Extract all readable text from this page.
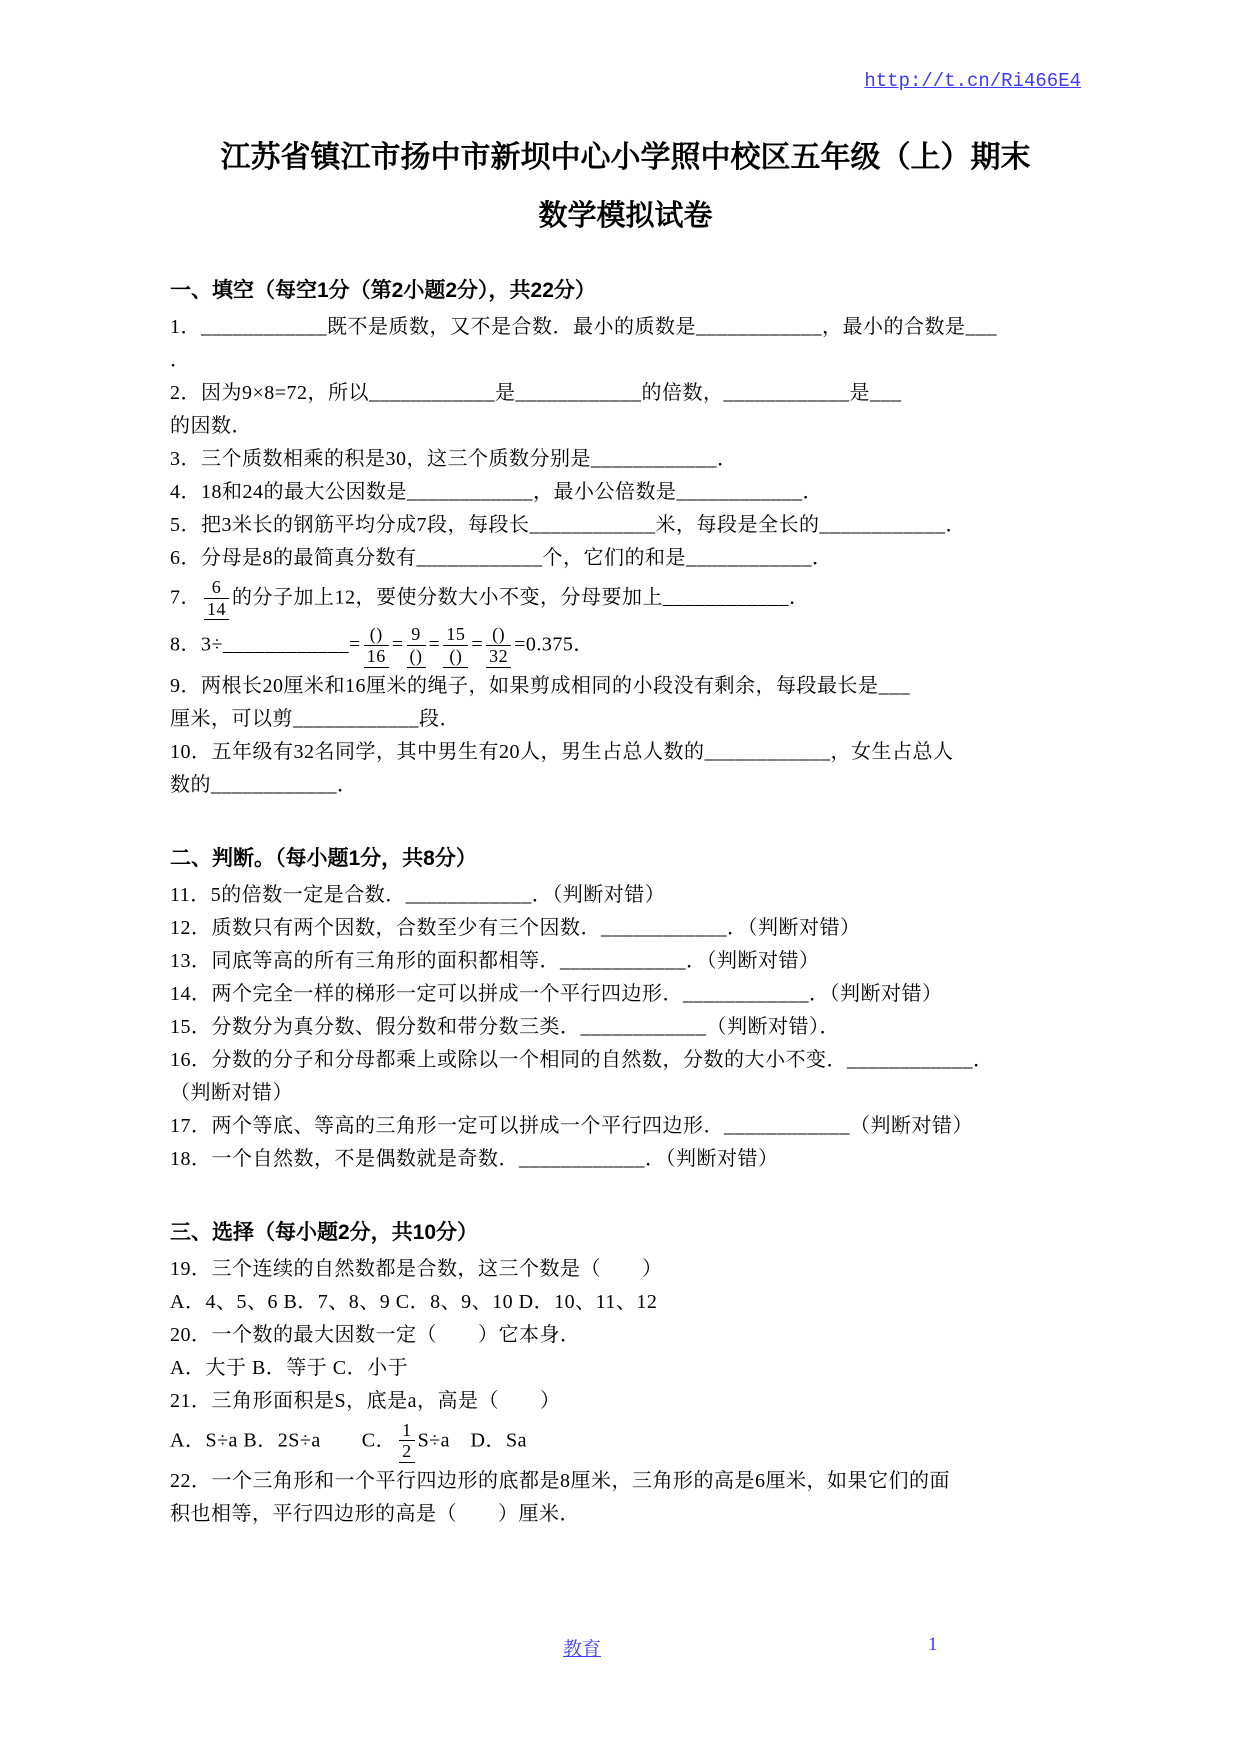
http://t.cn/Ri466E4
江苏省镇江市扬中市新坝中心小学照中校区五年级（上）期末
数学模拟试卷
一、填空（每空1分（第2小题2分），共22分）
1．____________既不是质数，又不是合数．最小的质数是____________，最小的合数是___
．
2．因为9×8=72，所以____________是____________的倍数，____________是___
的因数．
3．三个质数相乘的积是30，这三个质数分别是____________．
4．18和24的最大公因数是____________，最小公倍数是____________．
5．把3米长的钢筋平均分成7段，每段长____________米，每段是全长的____________．
6．分母是8的最简真分数有____________个，它们的和是____________．
7． $\frac{6}{14}$ 的分子加上12，要使分数大小不变，分母要加上____________．
8．3÷____________= $\frac{()}{16} = \frac{9}{()} = \frac{15}{()} = \frac{()}{32} =0.375$．
9．两根长20厘米和16厘米的绳子，如果剪成相同的小段没有剩余，每段最长是___
厘米，可以剪____________段．
10．五年级有32名同学，其中男生有20人，男生占总人数的____________，女生占总人
数的____________．
二、判断。（每小题1分，共8分）
11．5的倍数一定是合数．____________．（判断对错）
12．质数只有两个因数，合数至少有三个因数．____________．（判断对错）
13．同底等高的所有三角形的面积都相等．____________．（判断对错）
14．两个完全一样的梯形一定可以拼成一个平行四边形．____________．（判断对错）
15．分数分为真分数、假分数和带分数三类．____________（判断对错）．
16．分数的分子和分母都乘上或除以一个相同的自然数，分数的大小不变．____________．
（判断对错）
17．两个等底、等高的三角形一定可以拼成一个平行四边形．____________（判断对错）
18．一个自然数，不是偶数就是奇数．____________．（判断对错）
三、选择（每小题2分，共10分）
19．三个连续的自然数都是合数，这三个数是（　　）
A．4、5、6 B．7、8、9 C．8、9、10 D．10、11、12
20．一个数的最大因数一定（　　）它本身．
A．大于 B．等于 C．小于
21．三角形面积是S，底是a，高是（　　）
A．S÷a B．2S÷a　　C． $\frac{1}{2} S\div a$　D．Sa
22．一个三角形和一个平行四边形的底都是8厘米，三角形的高是6厘米，如果它们的面
积也相等，平行四边形的高是（　　）厘米．
教育	1
